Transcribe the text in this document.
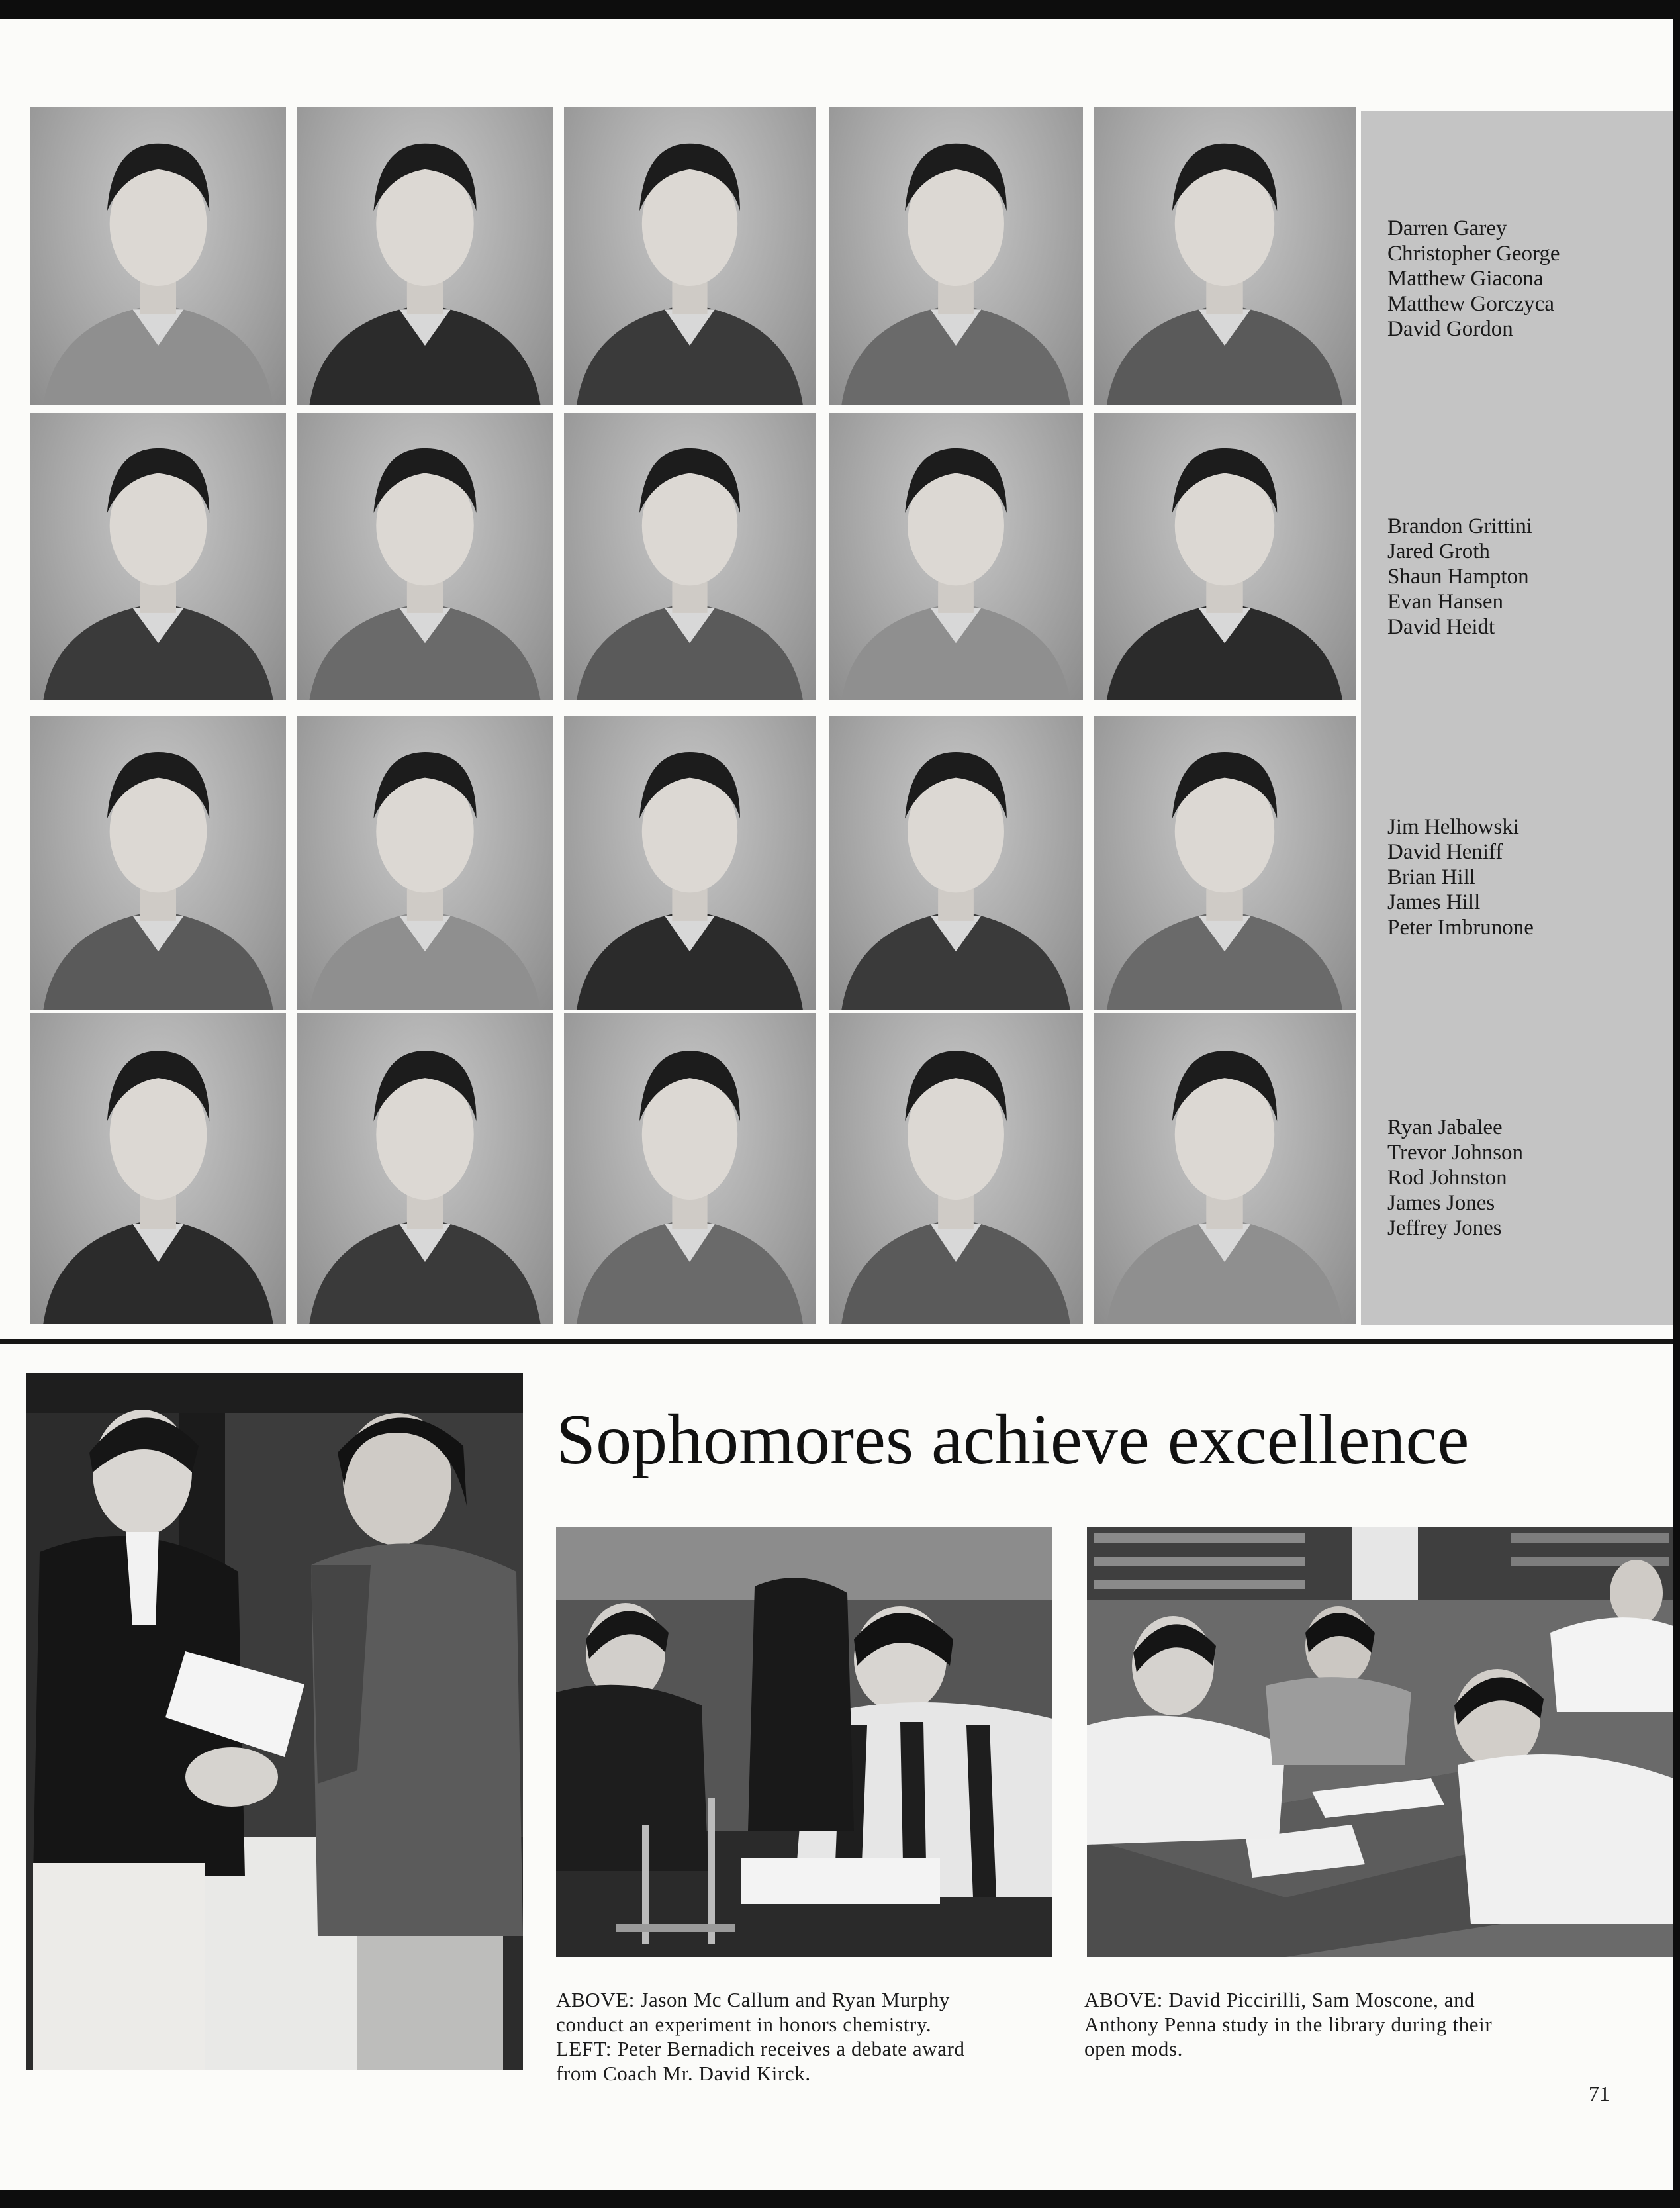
Darren Garey
Christopher George
Matthew Giacona
Matthew Gorczyca
David Gordon
Brandon Grittini
Jared Groth
Shaun Hampton
Evan Hansen
David Heidt
Jim Helhowski
David Heniff
Brian Hill
James Hill
Peter Imbrunone
Ryan Jabalee
Trevor Johnson
Rod Johnston
James Jones
Jeffrey Jones
Sophomores achieve excellence
ABOVE: Jason Mc Callum and Ryan Murphy
conduct an experiment in honors chemistry.
LEFT: Peter Bernadich receives a debate award
from Coach Mr. David Kirck.
ABOVE: David Piccirilli, Sam Moscone, and
Anthony Penna study in the library during their
open mods.
71
